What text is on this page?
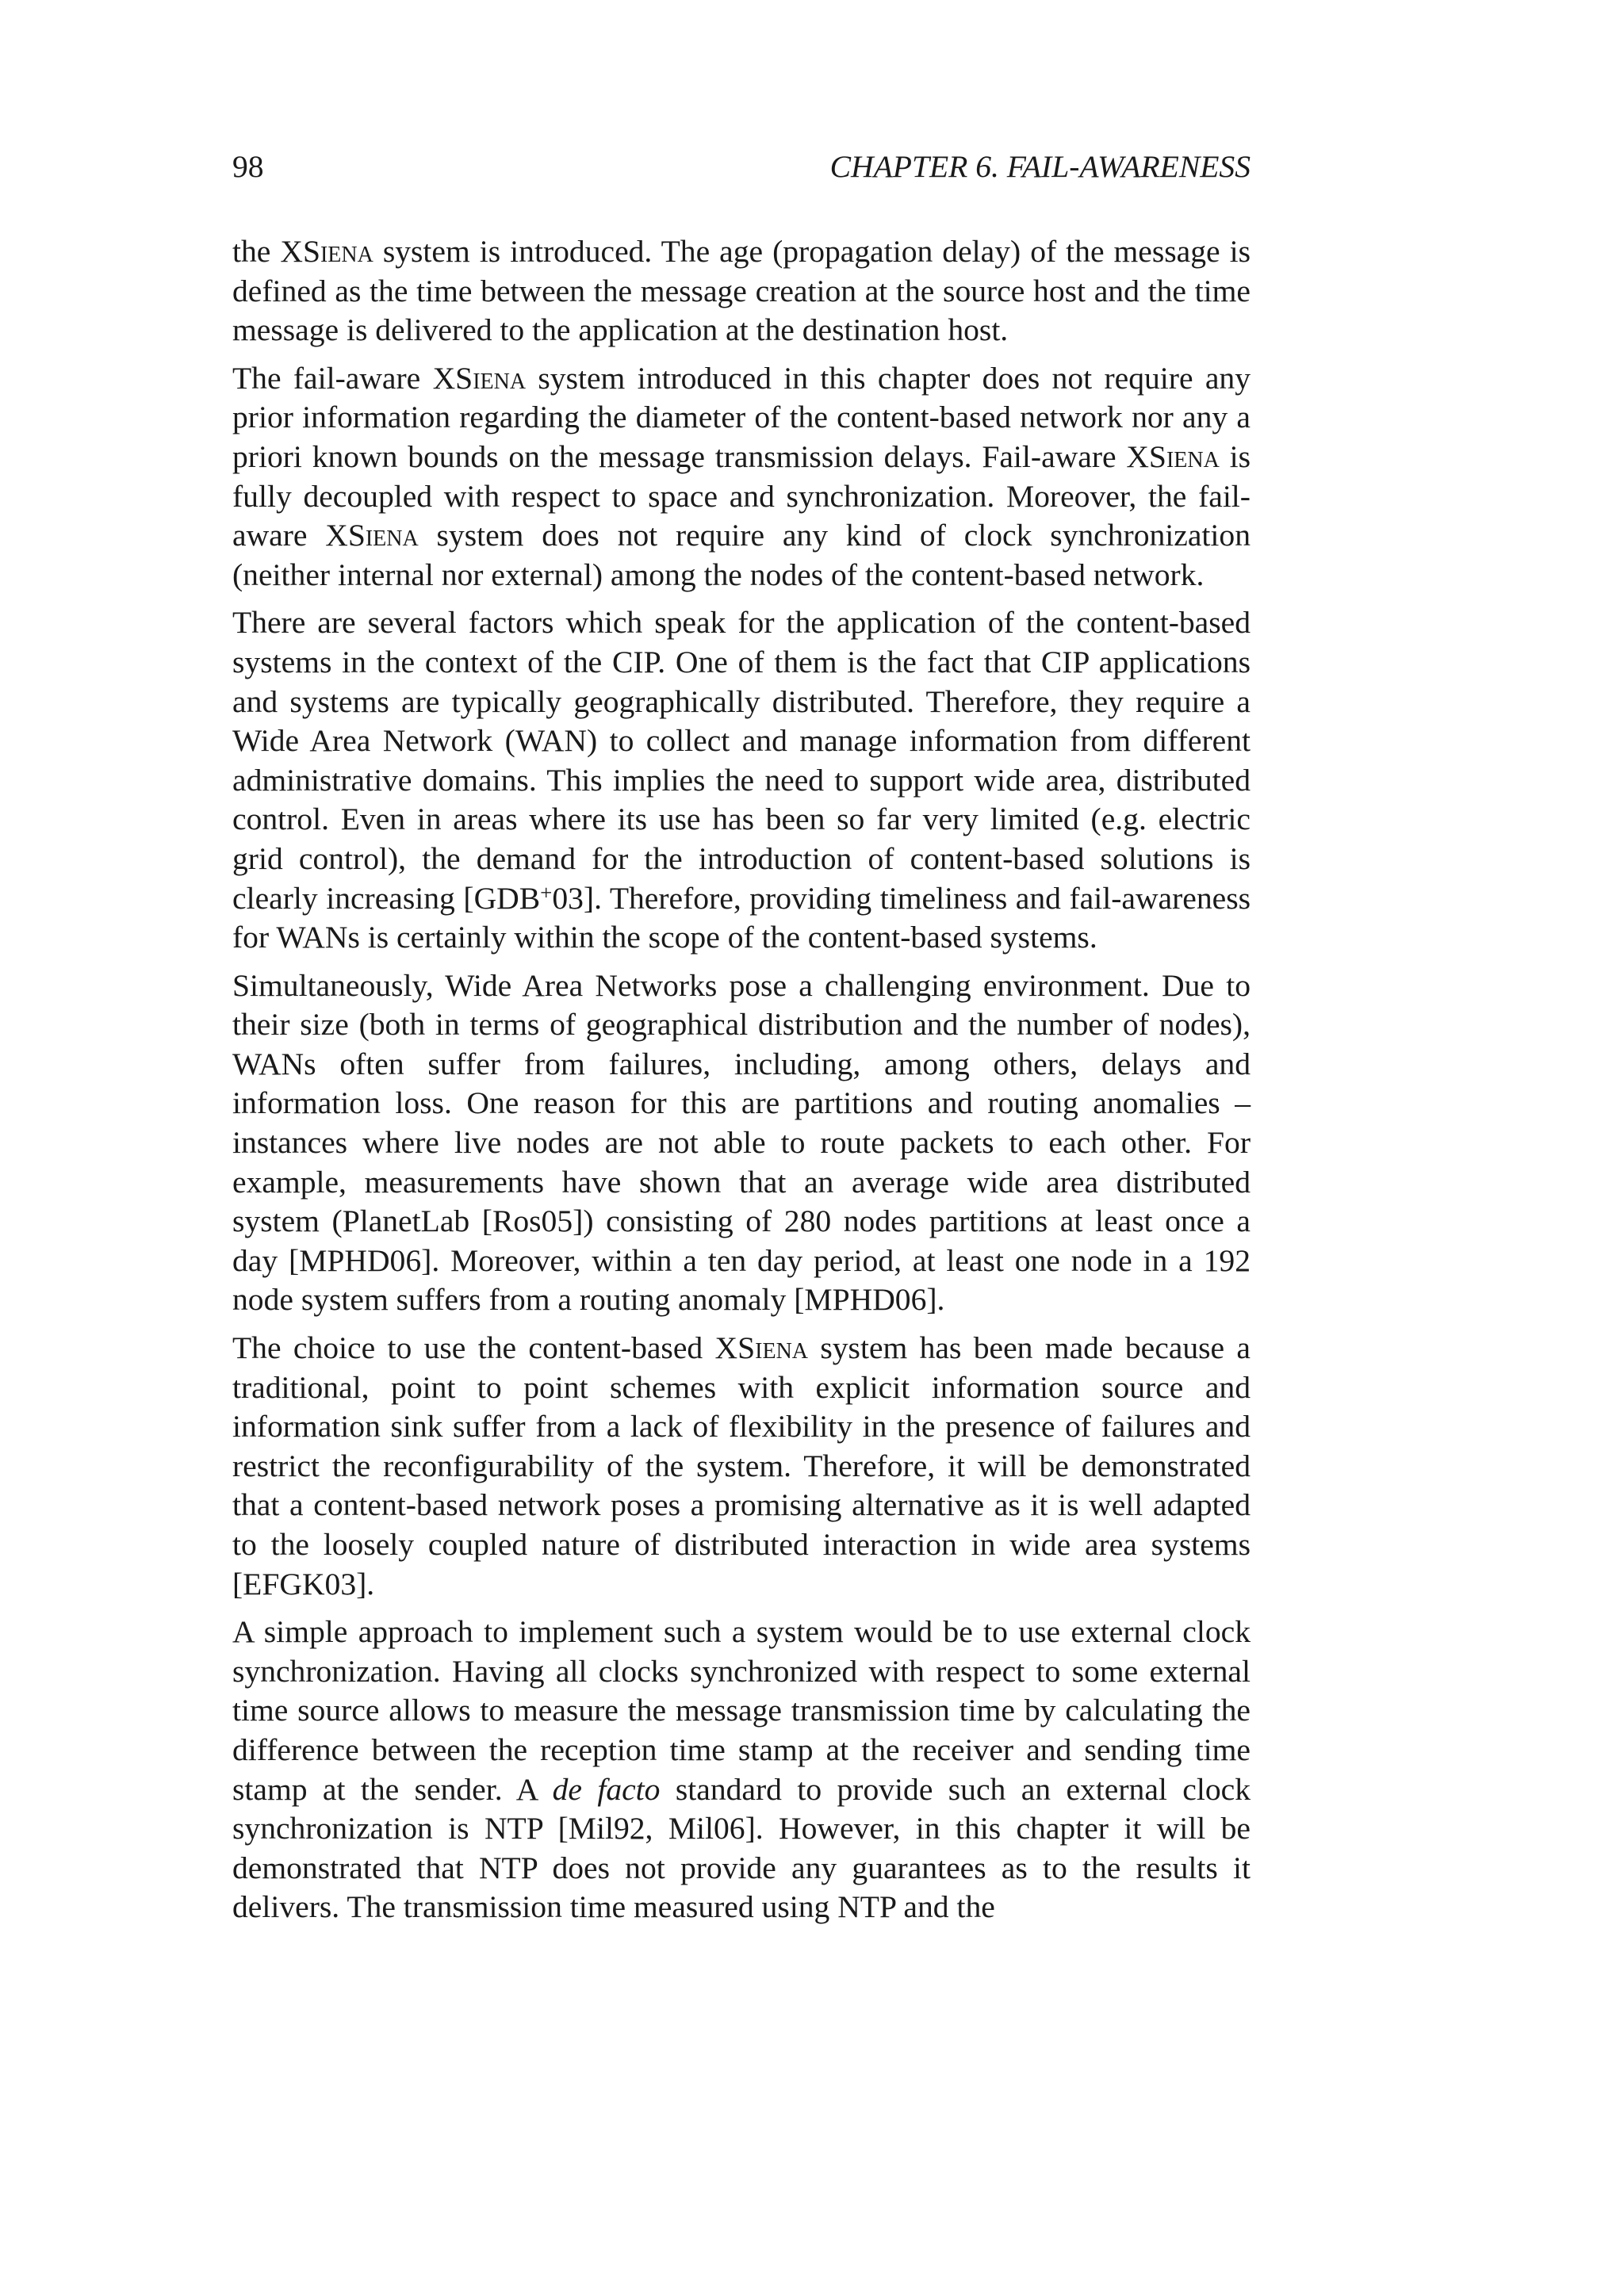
98	CHAPTER 6. FAIL-AWARENESS

the XSiena system is introduced. The age (propagation delay) of the message is defined as the time between the message creation at the source host and the time message is delivered to the application at the destination host.

The fail-aware XSiena system introduced in this chapter does not require any prior information regarding the diameter of the content-based network nor any a priori known bounds on the message transmission delays. Fail-aware XSiena is fully decoupled with respect to space and synchronization. Moreover, the fail-aware XSiena system does not require any kind of clock synchronization (neither internal nor external) among the nodes of the content-based network.

There are several factors which speak for the application of the content-based systems in the context of the CIP. One of them is the fact that CIP applications and systems are typically geographically distributed. Therefore, they require a Wide Area Network (WAN) to collect and manage information from different administrative domains. This implies the need to support wide area, distributed control. Even in areas where its use has been so far very limited (e.g. electric grid control), the demand for the introduction of content-based solutions is clearly increasing [GDB+03]. Therefore, providing timeliness and fail-awareness for WANs is certainly within the scope of the content-based systems.

Simultaneously, Wide Area Networks pose a challenging environment. Due to their size (both in terms of geographical distribution and the number of nodes), WANs often suffer from failures, including, among others, delays and information loss. One reason for this are partitions and routing anomalies – instances where live nodes are not able to route packets to each other. For example, measurements have shown that an average wide area distributed system (PlanetLab [Ros05]) consisting of 280 nodes partitions at least once a day [MPHD06]. Moreover, within a ten day period, at least one node in a 192 node system suffers from a routing anomaly [MPHD06].

The choice to use the content-based XSiena system has been made because a traditional, point to point schemes with explicit information source and information sink suffer from a lack of flexibility in the presence of failures and restrict the reconfigurability of the system. Therefore, it will be demonstrated that a content-based network poses a promising alternative as it is well adapted to the loosely coupled nature of distributed interaction in wide area systems [EFGK03].

A simple approach to implement such a system would be to use external clock synchronization. Having all clocks synchronized with respect to some external time source allows to measure the message transmission time by calculating the difference between the reception time stamp at the receiver and sending time stamp at the sender. A de facto standard to provide such an external clock synchronization is NTP [Mil92, Mil06]. However, in this chapter it will be demonstrated that NTP does not provide any guarantees as to the results it delivers. The transmission time measured using NTP and the
